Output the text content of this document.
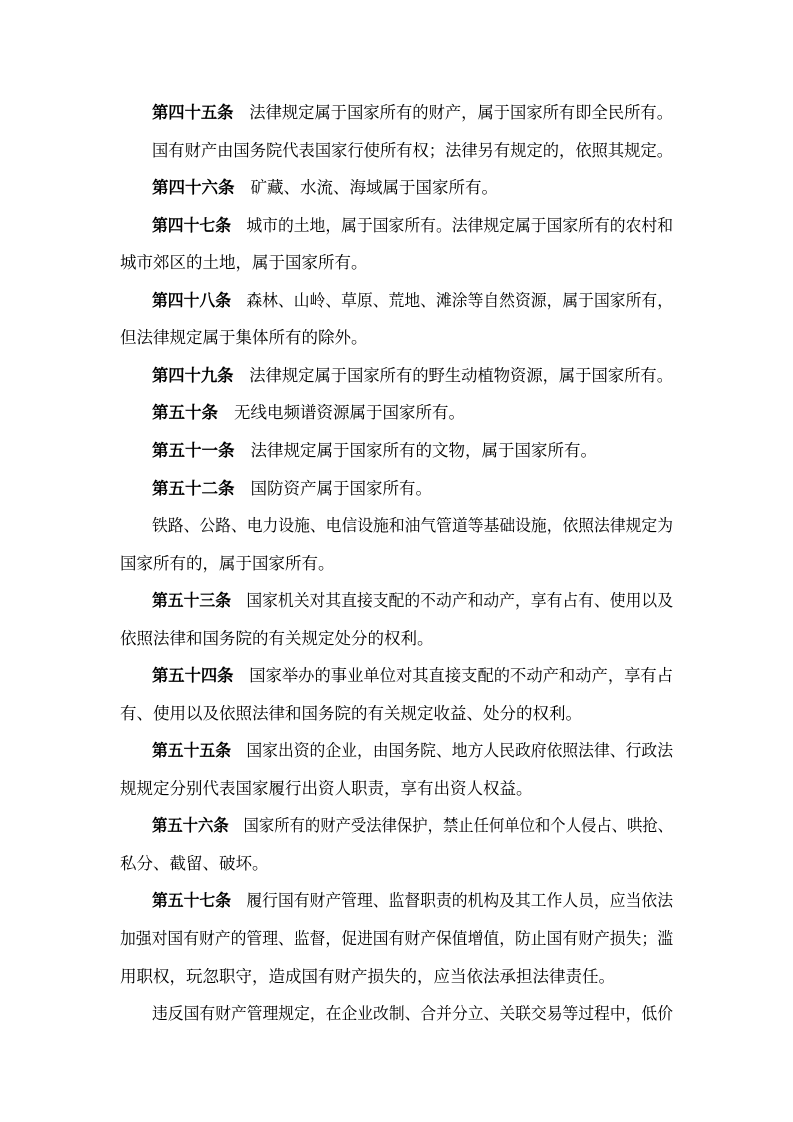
第四十五条 法律规定属于国家所有的财产，属于国家所有即全民所有。
国有财产由国务院代表国家行使所有权；法律另有规定的，依照其规定。
第四十六条 矿藏、水流、海域属于国家所有。
第四十七条 城市的土地，属于国家所有。法律规定属于国家所有的农村和
城市郊区的土地，属于国家所有。
第四十八条 森林、山岭、草原、荒地、滩涂等自然资源，属于国家所有，
但法律规定属于集体所有的除外。
第四十九条 法律规定属于国家所有的野生动植物资源，属于国家所有。
第五十条 无线电频谱资源属于国家所有。
第五十一条 法律规定属于国家所有的文物，属于国家所有。
第五十二条 国防资产属于国家所有。
铁路、公路、电力设施、电信设施和油气管道等基础设施，依照法律规定为
国家所有的，属于国家所有。
第五十三条 国家机关对其直接支配的不动产和动产，享有占有、使用以及
依照法律和国务院的有关规定处分的权利。
第五十四条 国家举办的事业单位对其直接支配的不动产和动产，享有占
有、使用以及依照法律和国务院的有关规定收益、处分的权利。
第五十五条 国家出资的企业，由国务院、地方人民政府依照法律、行政法
规规定分别代表国家履行出资人职责，享有出资人权益。
第五十六条 国家所有的财产受法律保护，禁止任何单位和个人侵占、哄抢、
私分、截留、破坏。
第五十七条 履行国有财产管理、监督职责的机构及其工作人员，应当依法
加强对国有财产的管理、监督，促进国有财产保值增值，防止国有财产损失；滥
用职权，玩忽职守，造成国有财产损失的，应当依法承担法律责任。
违反国有财产管理规定，在企业改制、合并分立、关联交易等过程中，低价
